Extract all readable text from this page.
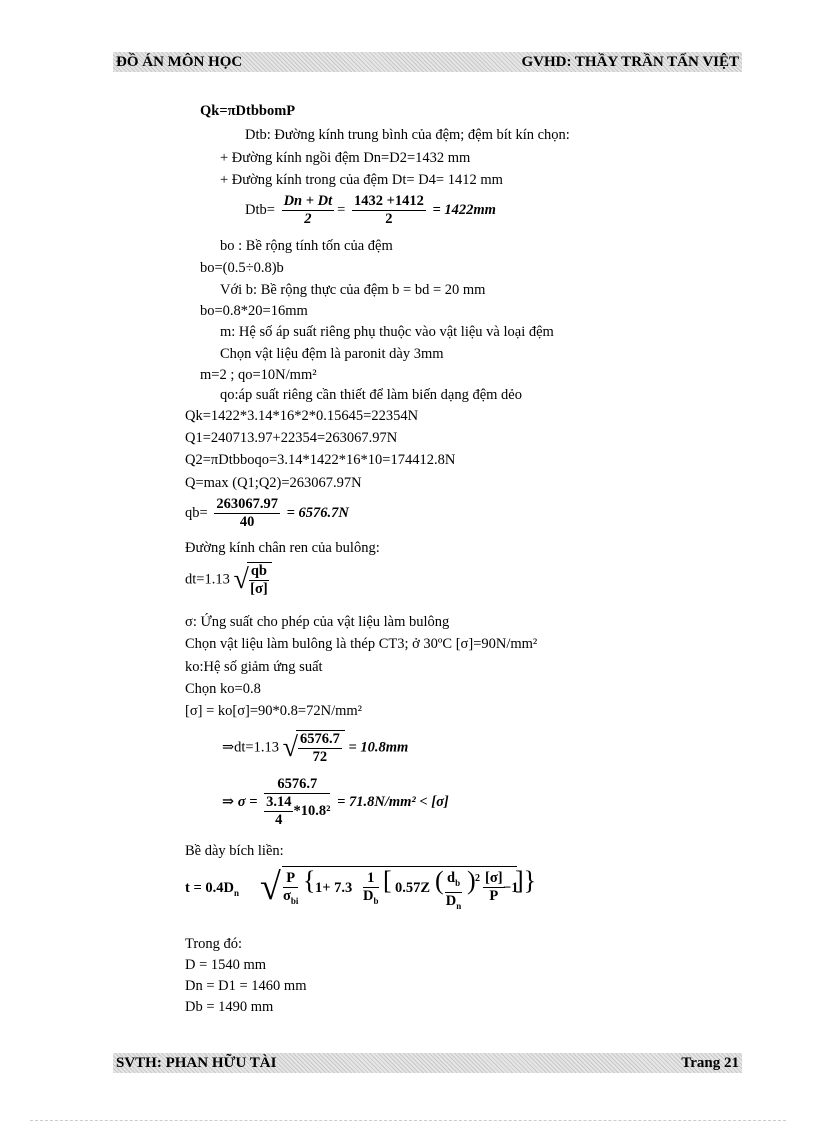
ĐỒ ÁN MÔN HỌC	GVHD: THẦY TRẦN TẤN VIỆT
Qk=πDtbbomP
Dtb: Đường kính trung bình của đệm; đệm bít kín chọn:
+ Đường kính ngồi đệm Dn=D2=1432 mm
+ Đường kính trong của đệm Dt= D4= 1412 mm
$Dtb= \frac{Dn + Dt}{2} = \frac{1432 +1412}{2} = 1422mm$
bo : Bề rộng tính tốn của đệm
bo=(0.5÷0.8)b
Với b: Bề rộng thực của đệm b = bd = 20 mm
bo=0.8*20=16mm
m: Hệ số áp suất riêng phụ thuộc vào vật liệu và loại đệm
Chọn vật liệu đệm là paronit dày 3mm
m=2 ; qo=10N/mm²
qo:áp suất riêng cần thiết để làm biến dạng đệm dẻo
Qk=1422*3.14*16*2*0.15645=22354N
Q1=240713.97+22354=263067.97N
Q2=πDtbboqo=3.14*1422*16*10=174412.8N
Q=max (Q1;Q2)=263067.97N
$qb= \frac{263067.97}{40} = 6576.7N$
Đường kính chân ren của bulông:
dt=1.13 √ $\frac{qb}{[\sigma]}$
σ: Ứng suất cho phép của vật liệu làm bulông
Chọn vật liệu làm bulông là thép CT3; ở 30ºC [σ]=90N/mm²
ko:Hệ số giảm ứng suất
Chọn ko=0.8
[σ] = ko[σ]=90*0.8=72N/mm²
⇒dt=1.13 √ $\frac{6576.7}{72} = 10.8mm$
⇒ $\sigma = \frac{6576.7}{\frac{3.14}{4} *10.8^2} = 71.8N/mm^2 < [\sigma]$
Bề dày bích liền:
$t = 0.4D_n$ √ P
$\sigma_{bi}$
{ 1+ 7.3
1
$D_b$
[ 0.57Z ( $d_b$
$D_n$
) 2 [σ]
P −1
]}
Trong đó:
D = 1540 mm
Dn = D1 = 1460 mm
Db = 1490 mm
SVTH: PHAN HỮU TÀI	Trang 21
